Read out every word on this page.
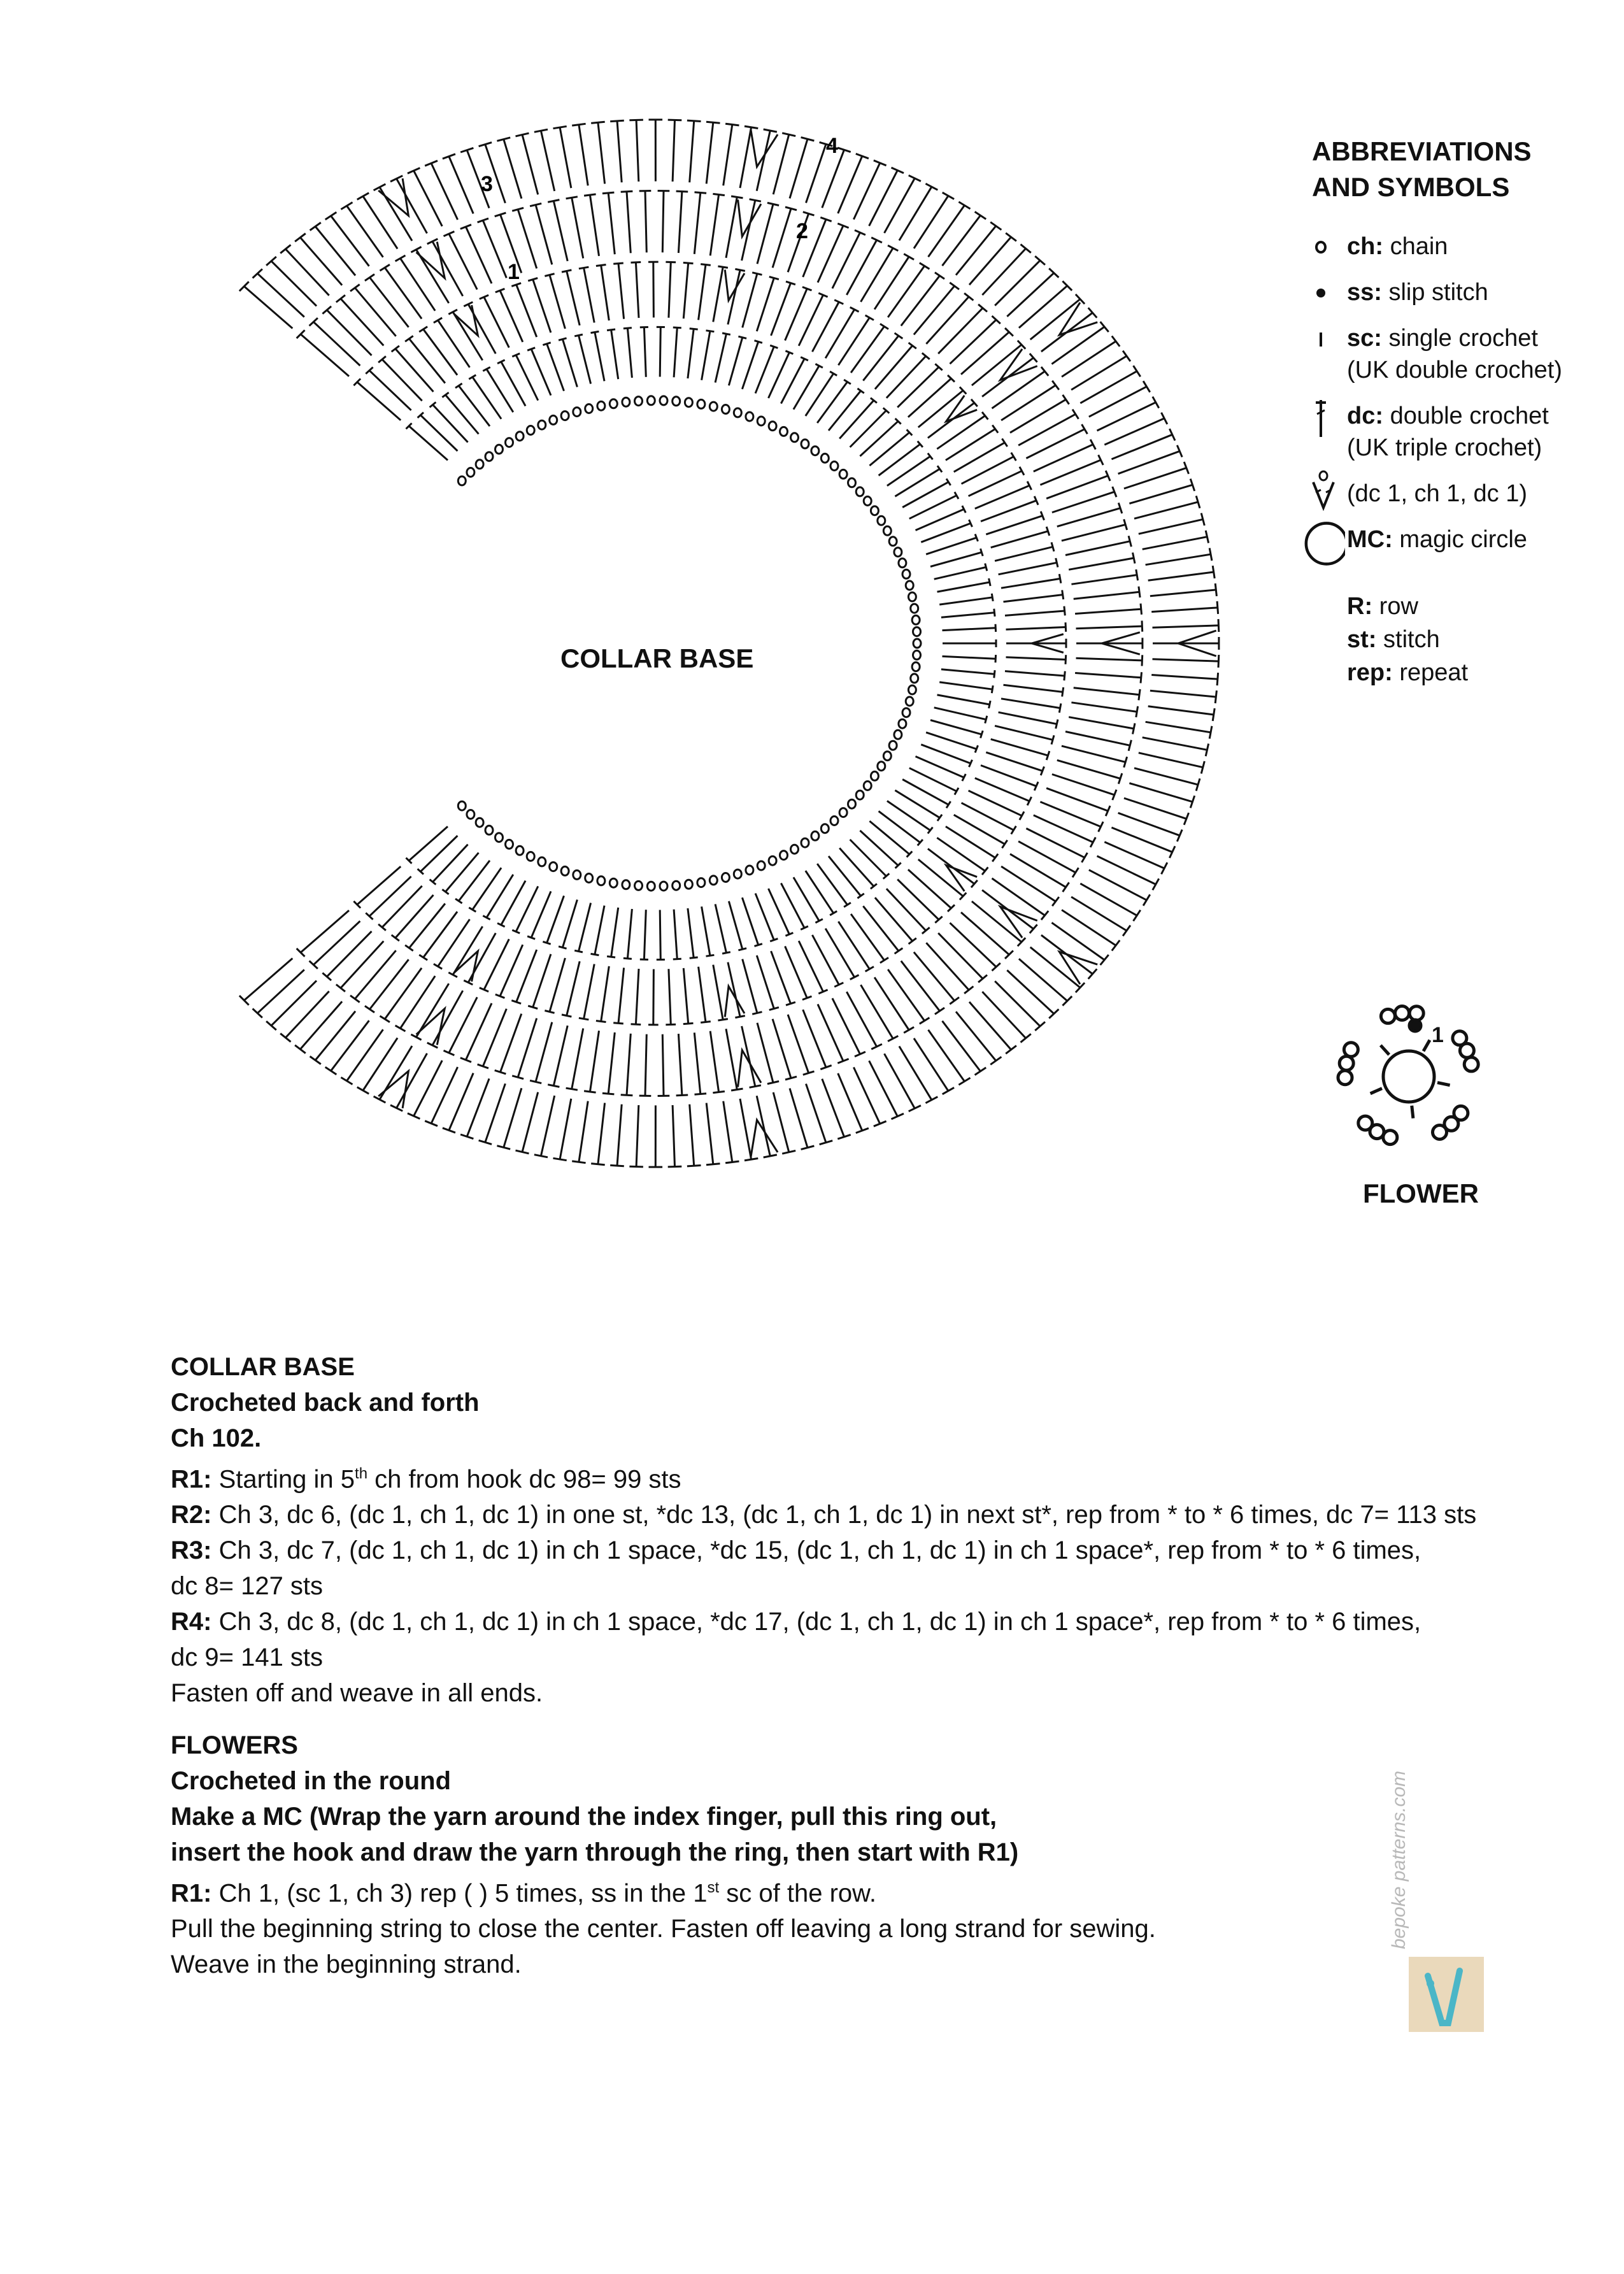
1
2
3
4
1
COLLAR BASE
FLOWER
ABBREVIATIONS
AND SYMBOLS
ch: chain
ss: slip stitch
sc: single crochet
(UK double crochet)
dc: double crochet
(UK triple crochet)
(dc 1, ch 1, dc 1)
MC: magic circle
R: row
st: stitch
rep: repeat

COLLAR BASE

Crocheted back and forth

Ch 102.

R1: Starting in 5th ch from hook dc 98= 99 sts

R2: Ch 3, dc 6, (dc 1, ch 1, dc 1) in one st, *dc 13, (dc 1, ch 1, dc 1) in next st*, rep from * to * 6 times, dc 7= 113 sts

R3: Ch 3, dc 7, (dc 1, ch 1, dc 1) in ch 1 space, *dc 15, (dc 1, ch 1, dc 1) in ch 1 space*, rep from * to * 6 times,

dc 8= 127 sts

R4: Ch 3, dc 8, (dc 1, ch 1, dc 1) in ch 1 space, *dc 17, (dc 1, ch 1, dc 1) in ch 1 space*, rep from * to * 6 times,

dc 9= 141 sts

Fasten off and weave in all ends.

FLOWERS

Crocheted in the round

Make a MC (Wrap the yarn around the index finger, pull this ring out,

insert the hook and draw the yarn through the ring, then start with R1)

R1: Ch 1, (sc 1, ch 3) rep ( ) 5 times, ss in the 1st sc of the row.

Pull the beginning string to close the center. Fasten off leaving a long strand for sewing.

Weave in the beginning strand.

bepoke patterns.com
